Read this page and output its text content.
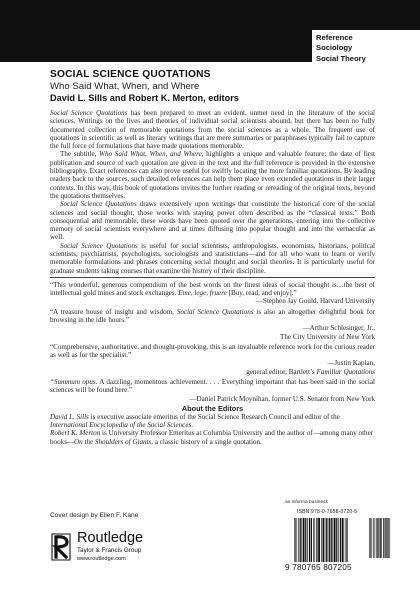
Reference
Sociology
Social Theory
SOCIAL SCIENCE QUOTATIONS
Who Said What, When, and Where
David L. Sills and Robert K. Merton, editors

Social Science Quotations has been prepared to meet an evident, unmet need in the literature of the social sciences. Writings on the lives and theories of individual social scientists abound, but there has been no fully documented collection of memorable quotations from the social sciences as a whole. The frequent use of quotations in scientific as well as literary writings that are mere summaries or paraphrases typically fail to capture the full force of formulations that have made quotations memorable.

The subtitle, Who Said What, When, and Where, highlights a unique and valuable feature: the date of first publication and source of each quotation are given in the text and the full reference is provided in the extensive bibliography. Exact references can also prove useful for swiftly locating the more familiar quotations. By leading readers back to the sources, such detailed references can help them place even extended quotations in their larger contexts. In this way, this book of quotations invites the further reading or rereading of the original texts, beyond the quotations themselves.

Social Science Quotations draws extensively upon writings that constitute the historical core of the social sciences and social thought, those works with staying power often described as the “classical texts.” Both consequential and memorable, these words have been quoted over the generations, entering into the collective memory of social scientists everywhere and at times diffusing into popular thought and into the vernacular as well.

Social Science Quotations is useful for social scientists, anthropologists, economists, historians, political scientists, psychiatrists, psychologists, sociologists and statisticians—and for all who want to learn or verify memorable formulations and phrases concerning social thought and social theories. It is particularly useful for graduate students taking courses that examine the history of their discipline.

“This wonderful, generous compendium of the best words on the finest ideas of social thought is…the best of intellectual gold mines and stock exchanges. Eme, lege, fruere [Buy, read, and enjoy].”

—Stephen Jay Gould, Harvard University

“A treasure house of insight and wisdom, Social Science Quotations is also an altogether delightful book for browsing in the idle hours.”

—Arthur Schlesinger, Jr.,

The City University of New York

“Comprehensive, authoritative, and thought-provoking, this is an invaluable reference work for the curious reader as well as for the specialist.”

—Justin Kaplan,

general editor, Bartlett’s Familiar Quotations

“Summum opus. A dazzling, momentous achievement. . . . Everything important that has been said in the social sciences will be found here.”

—Daniel Patrick Moynihan, former U.S. Senator from New York

About the Editors

David L. Sills is executive associate emeritus of the Social Science Research Council and editor of the International Encyclopedia of the Social Sciences.

Robert K. Merton is University Professor Emeritus at Columbia University and the author of—among many other books—On the Shoulders of Giants, a classic history of a single quotation.

Cover design by Ellen F. Kane
Routledge
Taylor & Francis Group
www.routledge.com
an informa business
ISBN 978-0-7658-0720-5
9 780765 807205
